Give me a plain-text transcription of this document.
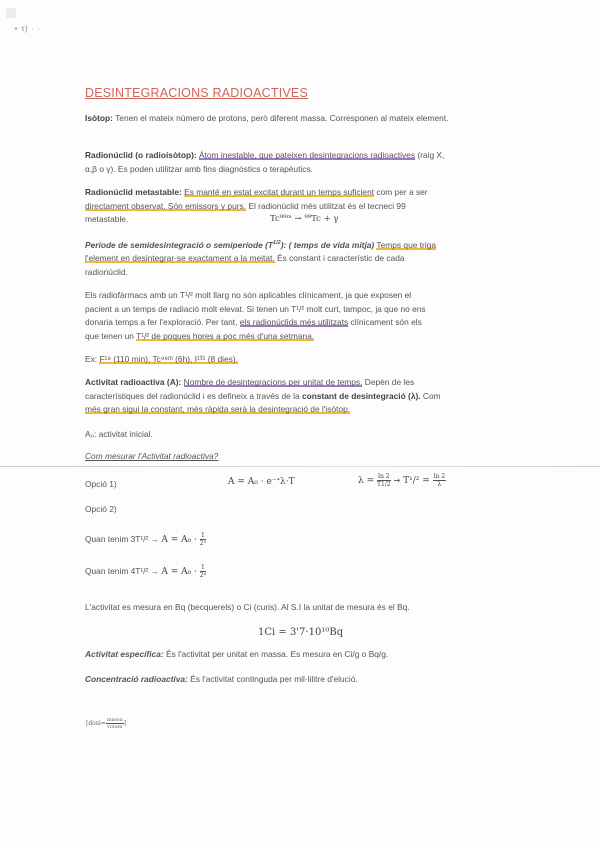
+ t) · ·
DESINTEGRACIONS RADIOACTIVES
Isòtop: Tenen el mateix número de protons, però diferent massa. Corresponen al mateix element.
Radionúclid (o radioisòtop): Àtom inestable, que pateixen desintegracions radioactives (raig X,
α,β o γ). Es poden utilitzar amb fins diagnòstics o terapèutics.
Radionúclid metastable: Es manté en estat excitat durant un temps suficient com per a ser
directament observat. Són emissors γ purs. El radionúclid més utilitzat és el tecneci 99
metastable.	Tc⁹⁹ᵐ → ⁹⁹Tc + γ
Període de semidesintegració o semiperíode $(T^{1/2})$: ( temps de vida mitja) Temps que triga
l'element en desintegrar-se exactament a la meitat. És constant i característic de cada
radionúclid.
Els radiofàrmacs amb un T¹/² molt llarg no són aplicables clínicament, ja que exposen el
pacient a un temps de radiació molt elevat. Si tenen un T¹/² molt curt, tampoc, ja que no ens
donaria temps a fer l'exploració. Per tant, els radionúclids més utilitzats clínicament són els
que tenen un T¹/² de poques hores a poc més d'una setmana.
Ex: F¹⁸ (110 min), Tc⁹⁹ᵐ (6h), I¹³¹ (8 dies).
Activitat radioactiva (A): Nombre de desintegracions per unitat de temps. Depèn de les
característiques del radionúclid i es defineix a través de la constant de desintegració (λ). Com
més gran sigui la constant, més ràpida serà la desintegració de l'isòtop.
A₀: activitat inicial.
Com mesurar l'Activitat radioactiva?
Opció 1)	A = A₀ · e⁻ᐩλ·T	$\lambda = \frac{\ln 2}{T1/2} \to T^1/^2 = \frac{\ln 2}{\lambda}$
Opció 2)
Quan tenim $3T^1/^2 \to A = A_0 \cdot \frac{1}{\text{2³}}$
Quan tenim $4T^1/^2 \to A = A_0 \cdot \frac{1}{\text{2⁴}}$
L'activitat es mesura en Bq (becquerels) o Ci (curis). Al S.I la unitat de mesura és el Bq.
1Ci = 3'7·10¹⁰Bq
Activitat específica: És l'activitat per unitat en massa. Es mesura en Ci/g o Bq/g.
Concentració radioactiva: És l'activitat continguda per mil·lilitre d'elució.
[dosi= $\frac{\text{massa}}{\text{volum}}$ ]
